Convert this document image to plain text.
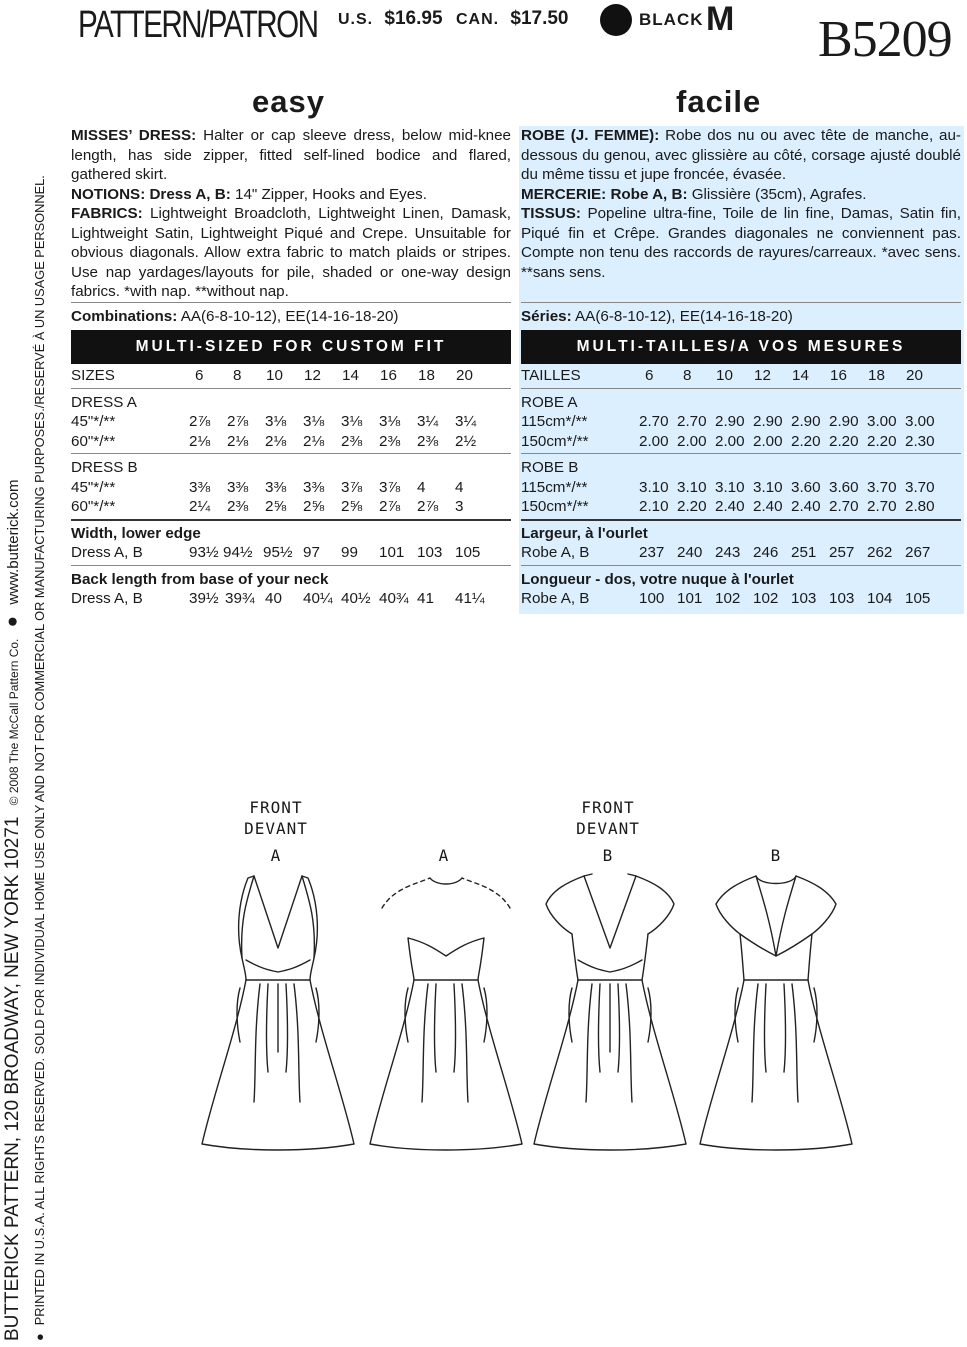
PATTERN/PATRON U.S. $16.95 CAN. $17.50	BLACK M B5209
easy	facile
BUTTERICK PATTERN, 120 BROADWAY, NEW YORK 10271 © 2008 The McCall Pattern Co. ● www.butterick.com
●PRINTED IN U.S.A. ALL RIGHTS RESERVED. SOLD FOR INDIVIDUAL HOME USE ONLY AND NOT FOR COMMERCIAL OR MANUFACTURING PURPOSES./RESERVÉ À UN USAGE PERSONNEL.

MISSES’ DRESS: Halter or cap sleeve dress, below mid-knee length, has side zipper, fitted self-lined bodice and flared, gathered skirt.

NOTIONS: Dress A, B: 14" Zipper, Hooks and Eyes.

FABRICS: Lightweight Broadcloth, Lightweight Linen, Damask, Lightweight Satin, Lightweight Piqué and Crepe. Unsuitable for obvious diagonals. Allow extra fabric to match plaids or stripes. Use nap yardages/layouts for pile, shaded or one-way design fabrics. *with nap. **without nap.

Combinations: AA(6-8-10-12), EE(14-16-18-20)
MULTI-SIZED FOR CUSTOM FIT
SIZES	6 8 10 12 14 16 18 20
DRESS A
45"*/**	2⅞ 2⅞ 3⅛ 3⅛ 3⅛ 3⅛ 3¼ 3¼
60"*/**	2⅛ 2⅛ 2⅛ 2⅛ 2⅜ 2⅜ 2⅜ 2½
DRESS B
45"*/**	3⅜ 3⅜ 3⅜ 3⅜ 3⅞ 3⅞ 4 4
60"*/**	2¼ 2⅜ 2⅝ 2⅝ 2⅝ 2⅞ 2⅞ 3
Width, lower edge
Dress A, B	93½ 94½ 95½ 97 99 101 103 105
Back length from base of your neck
Dress A, B	39½ 39¾ 40 40¼ 40½ 40¾ 41 41¼

ROBE (J. FEMME): Robe dos nu ou avec tête de manche, au-dessous du genou, avec glissière au côté, corsage ajusté doublé du même tissu et jupe froncée, évasée.

MERCERIE: Robe A, B: Glissière (35cm), Agrafes.

TISSUS: Popeline ultra-fine, Toile de lin fine, Damas, Satin fin, Piqué fin et Crêpe. Grandes diagonales ne conviennent pas. Compte non tenu des raccords de rayures/carreaux. *avec sens. **sans sens.

Séries: AA(6-8-10-12), EE(14-16-18-20)
MULTI-TAILLES/A VOS MESURES
TAILLES	6 8 10 12 14 16 18 20
ROBE A
115cm*/**	2.70 2.70 2.90 2.90 2.90 2.90 3.00 3.00
150cm*/**	2.00 2.00 2.00 2.00 2.20 2.20 2.20 2.30
ROBE B
115cm*/**	3.10 3.10 3.10 3.10 3.60 3.60 3.70 3.70
150cm*/**	2.10 2.20 2.40 2.40 2.40 2.70 2.70 2.80
Largeur, à l'ourlet
Robe A, B	237 240 243 246 251 257 262 267
Longueur - dos, votre nuque à l'ourlet
Robe A, B	100 101 102 102 103 103 104 105
FRONT
DEVANT
A	A
FRONT
DEVANT
B	B
